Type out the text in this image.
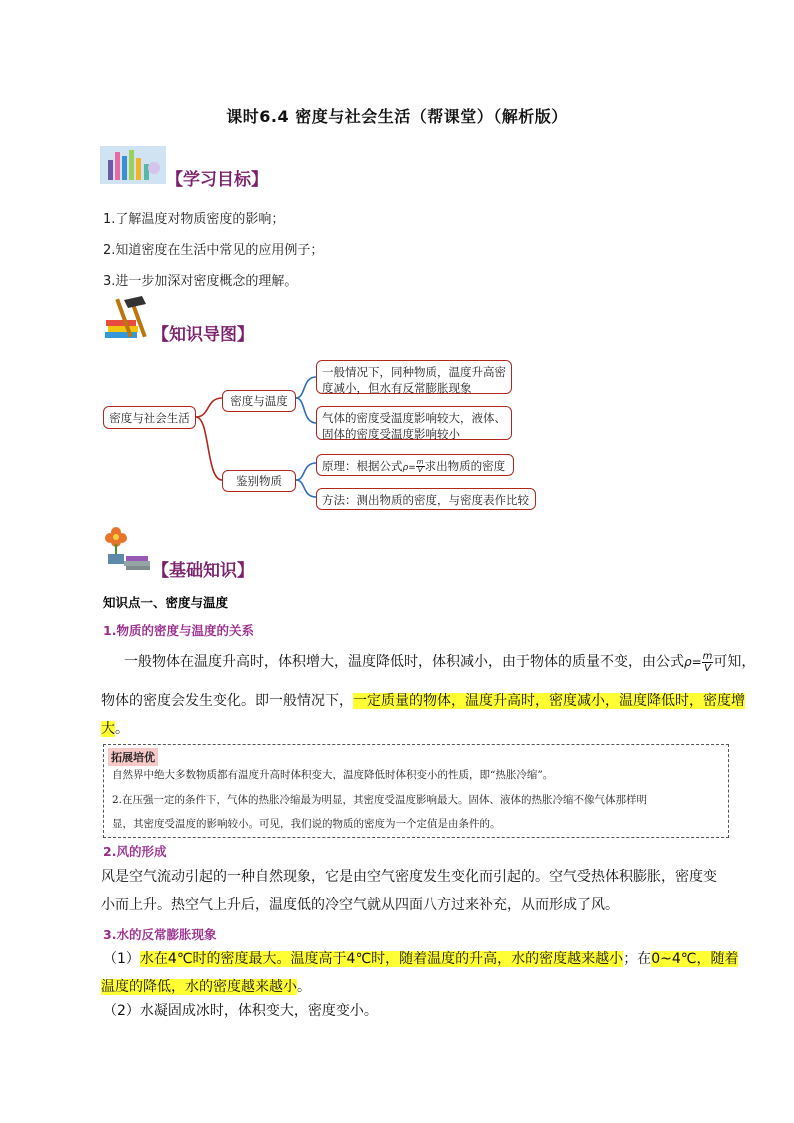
课时6.4 密度与社会生活（帮课堂）（解析版）
【学习目标】
1.了解温度对物质密度的影响；
2.知道密度在生活中常见的应用例子；
3.进一步加深对密度概念的理解。
【知识导图】
密度与社会生活
密度与温度
鉴别物质
一般情况下，同种物质，温度升高密度减小，但水有反常膨胀现象
气体的密度受温度影响较大，液体、固体的密度受温度影响较小
原理：根据公式$\rho= \frac{m}{V}$ 求出物质的密度
方法：测出物质的密度，与密度表作比较
【基础知识】
知识点一、密度与温度
1.物质的密度与温度的关系
一般物体在温度升高时，体积增大，温度降低时，体积减小，由于物体的质量不变，由公式$\rho= \frac{m}{V}$ 可知，
物体的密度会发生变化。即一般情况下，一定质量的物体，温度升高时，密度减小，温度降低时，密度增
大。
拓展培优
自然界中绝大多数物质都有温度升高时体积变大，温度降低时体积变小的性质，即“热胀冷缩”。
2.在压强一定的条件下，气体的热胀冷缩最为明显，其密度受温度影响最大。固体、液体的热胀冷缩不像气体那样明
显，其密度受温度的影响较小。可见，我们说的物质的密度为一个定值是由条件的。
2.风的形成
风是空气流动引起的一种自然现象，它是由空气密度发生变化而引起的。空气受热体积膨胀，密度变
小而上升。热空气上升后，温度低的冷空气就从四面八方过来补充，从而形成了风。
3.水的反常膨胀现象
（1）水在4℃时的密度最大。温度高于4℃时，随着温度的升高，水的密度越来越小；在0~4℃，随着
温度的降低，水的密度越来越小。
（2）水凝固成冰时，体积变大，密度变小。
